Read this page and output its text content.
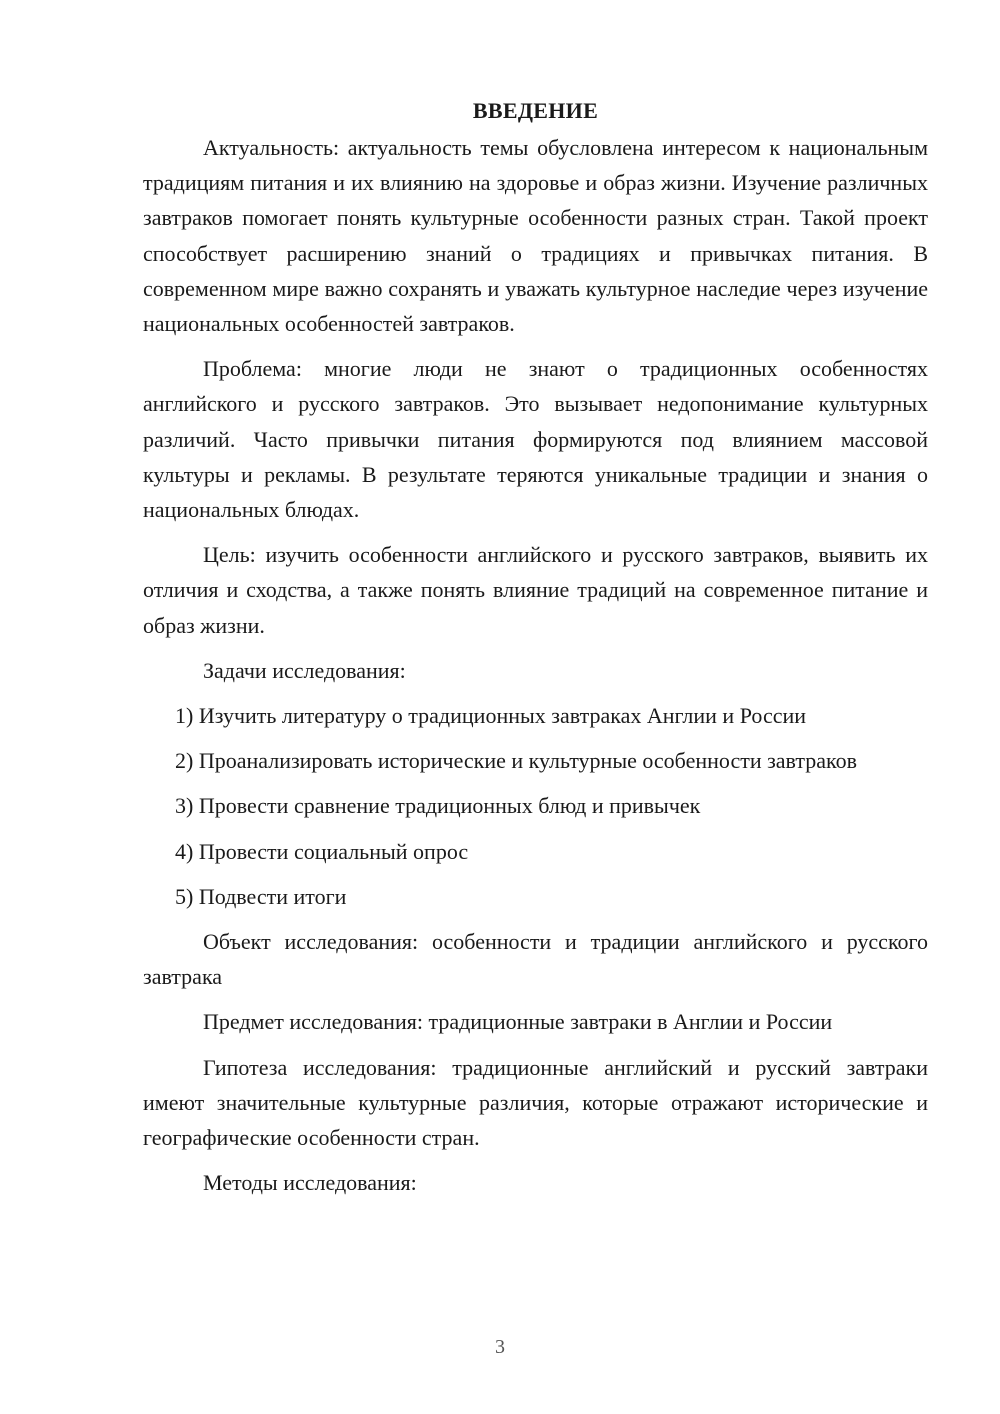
ВВЕДЕНИЕ

Актуальность: актуальность темы обусловлена интересом к национальным традициям питания и их влиянию на здоровье и образ жизни. Изучение различных завтраков помогает понять культурные особенности разных стран. Такой проект способствует расширению знаний о традициях и привычках питания. В современном мире важно сохранять и уважать культурное наследие через изучение национальных особенностей завтраков.

Проблема: многие люди не знают о традиционных особенностях английского и русского завтраков. Это вызывает недопонимание культурных различий. Часто привычки питания формируются под влиянием массовой культуры и рекламы. В результате теряются уникальные традиции и знания о национальных блюдах.

Цель: изучить особенности английского и русского завтраков, выявить их отличия и сходства, а также понять влияние традиций на современное питание и образ жизни.

Задачи исследования:

1) Изучить литературу о традиционных завтраках Англии и России

2) Проанализировать исторические и культурные особенности завтраков

3) Провести сравнение традиционных блюд и привычек

4) Провести социальный опрос

5) Подвести итоги

Объект исследования: особенности и традиции английского и русского завтрака

Предмет исследования: традиционные завтраки в Англии и России

Гипотеза исследования: традиционные английский и русский завтраки имеют значительные культурные различия, которые отражают исторические и географические особенности стран.

Методы исследования:

3
